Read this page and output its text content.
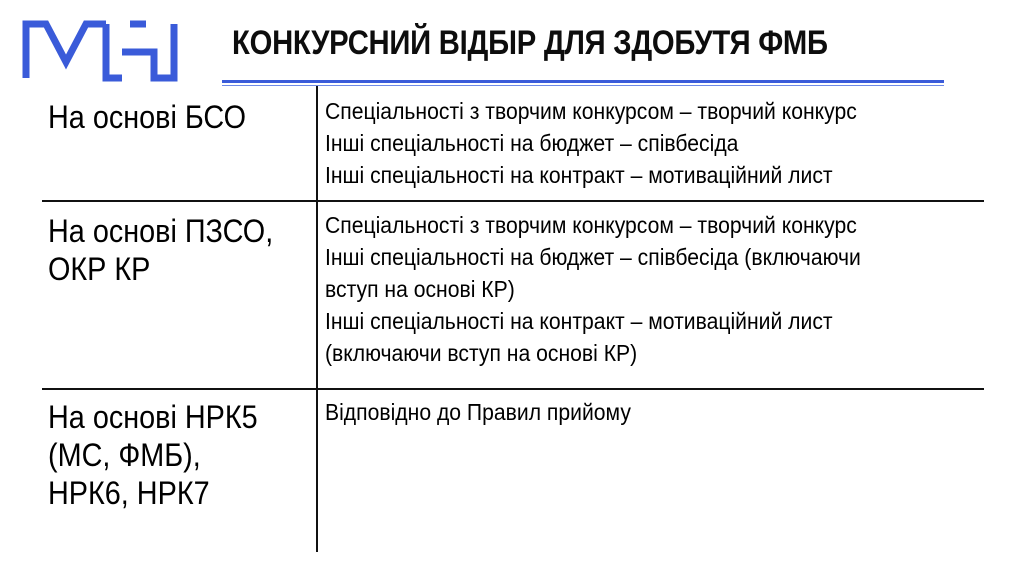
КОНКУРСНИЙ ВІДБІР ДЛЯ ЗДОБУТЯ ФМБ
На основі БСО	Спеціальності з творчим конкурсом – творчий конкурс
Інші спеціальності на бюджет – співбесіда
Інші спеціальності на контракт – мотиваційний лист
На основі ПЗСО,
ОКР КР
Спеціальності з творчим конкурсом – творчий конкурс
Інші спеціальності на бюджет – співбесіда (включаючи
вступ на основі КР)
Інші спеціальності на контракт – мотиваційний лист
(включаючи вступ на основі КР)
На основі НРК5
(МС, ФМБ),
НРК6, НРК7
Відповідно до Правил прийому
